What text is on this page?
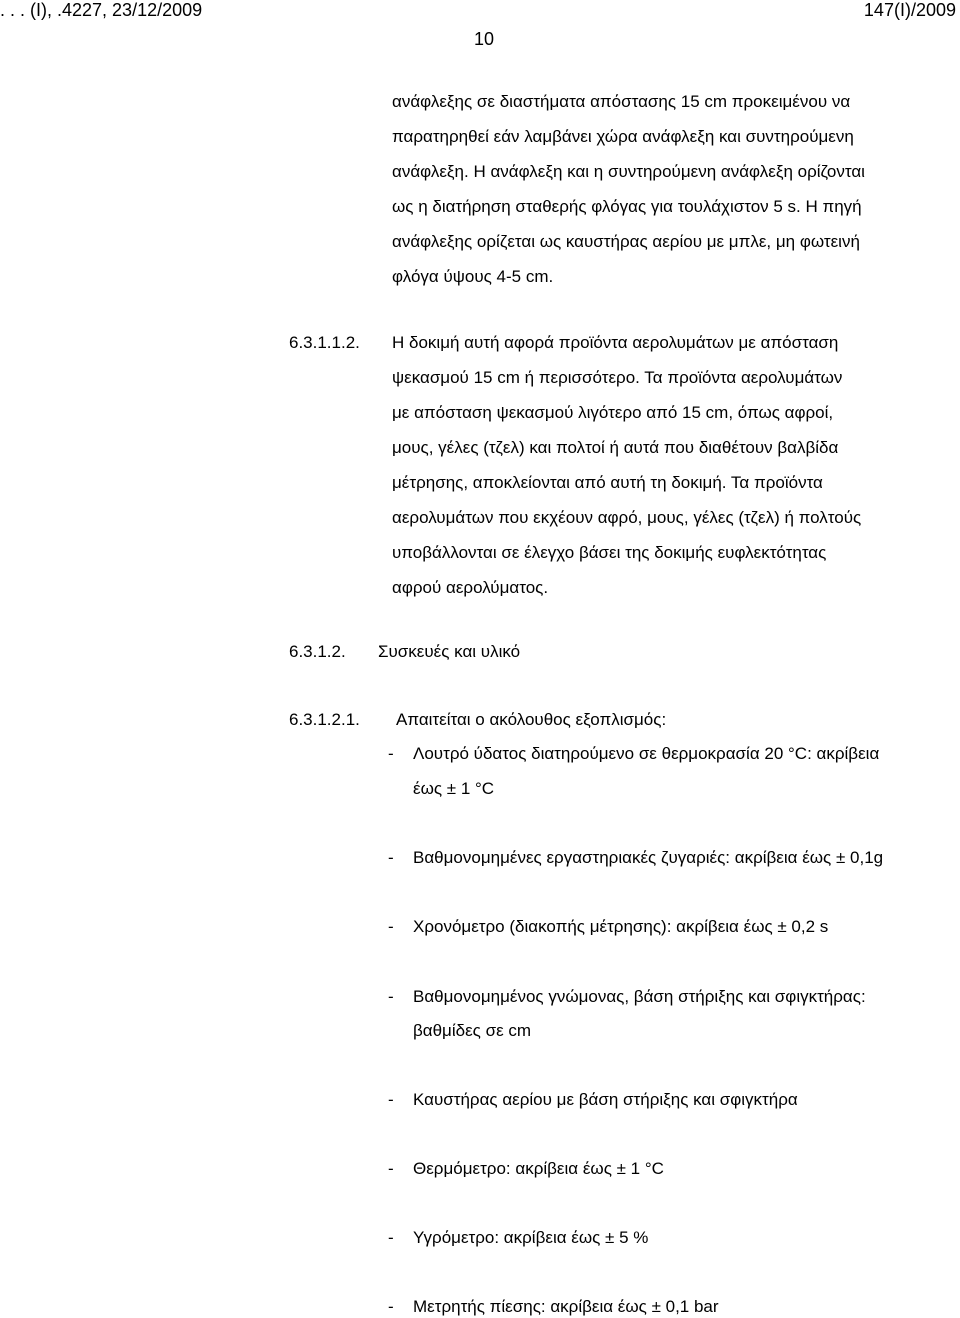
. . . (Ι), .4227, 23/12/2009	147(I)/2009
10
ανάφλεξης σε διαστήματα απόστασης 15 cm προκειμένου να
παρατηρηθεί εάν λαμβάνει χώρα ανάφλεξη και συντηρούμενη
ανάφλεξη. Η ανάφλεξη και η συντηρούμενη ανάφλεξη ορίζονται
ως η διατήρηση σταθερής φλόγας για τουλάχιστον 5 s. Η πηγή
ανάφλεξης ορίζεται ως καυστήρας αερίου με μπλε, μη φωτεινή
φλόγα ύψους 4-5 cm.
6.3.1.1.2. Η δοκιμή αυτή αφορά προϊόντα αερολυμάτων με απόσταση
ψεκασμού 15 cm ή περισσότερο. Τα προϊόντα αερολυμάτων
με απόσταση ψεκασμού λιγότερο από 15 cm, όπως αφροί,
μους, γέλες (τζελ) και πολτοί ή αυτά που διαθέτουν βαλβίδα
μέτρησης, αποκλείονται από αυτή τη δοκιμή. Τα προϊόντα
αερολυμάτων που εκχέουν αφρό, μους, γέλες (τζελ) ή πολτούς
υποβάλλονται σε έλεγχο βάσει της δοκιμής ευφλεκτότητας
αφρού αερολύματος.
6.3.1.2. Συσκευές και υλικό
6.3.1.2.1. Απαιτείται ο ακόλουθος εξοπλισμός:
- Λουτρό ύδατος διατηρούμενο σε θερμοκρασία 20 °C: ακρίβεια
έως ± 1 °C
- Βαθμονομημένες εργαστηριακές ζυγαριές: ακρίβεια έως ± 0,1g
- Χρονόμετρο (διακοπής μέτρησης): ακρίβεια έως ± 0,2 s
- Βαθμονομημένος γνώμονας, βάση στήριξης και σφιγκτήρας:
βαθμίδες σε cm
- Καυστήρας αερίου με βάση στήριξης και σφιγκτήρα
- Θερμόμετρο: ακρίβεια έως ± 1 °C
- Υγρόμετρο: ακρίβεια έως ± 5 %
- Μετρητής πίεσης: ακρίβεια έως ± 0,1 bar
